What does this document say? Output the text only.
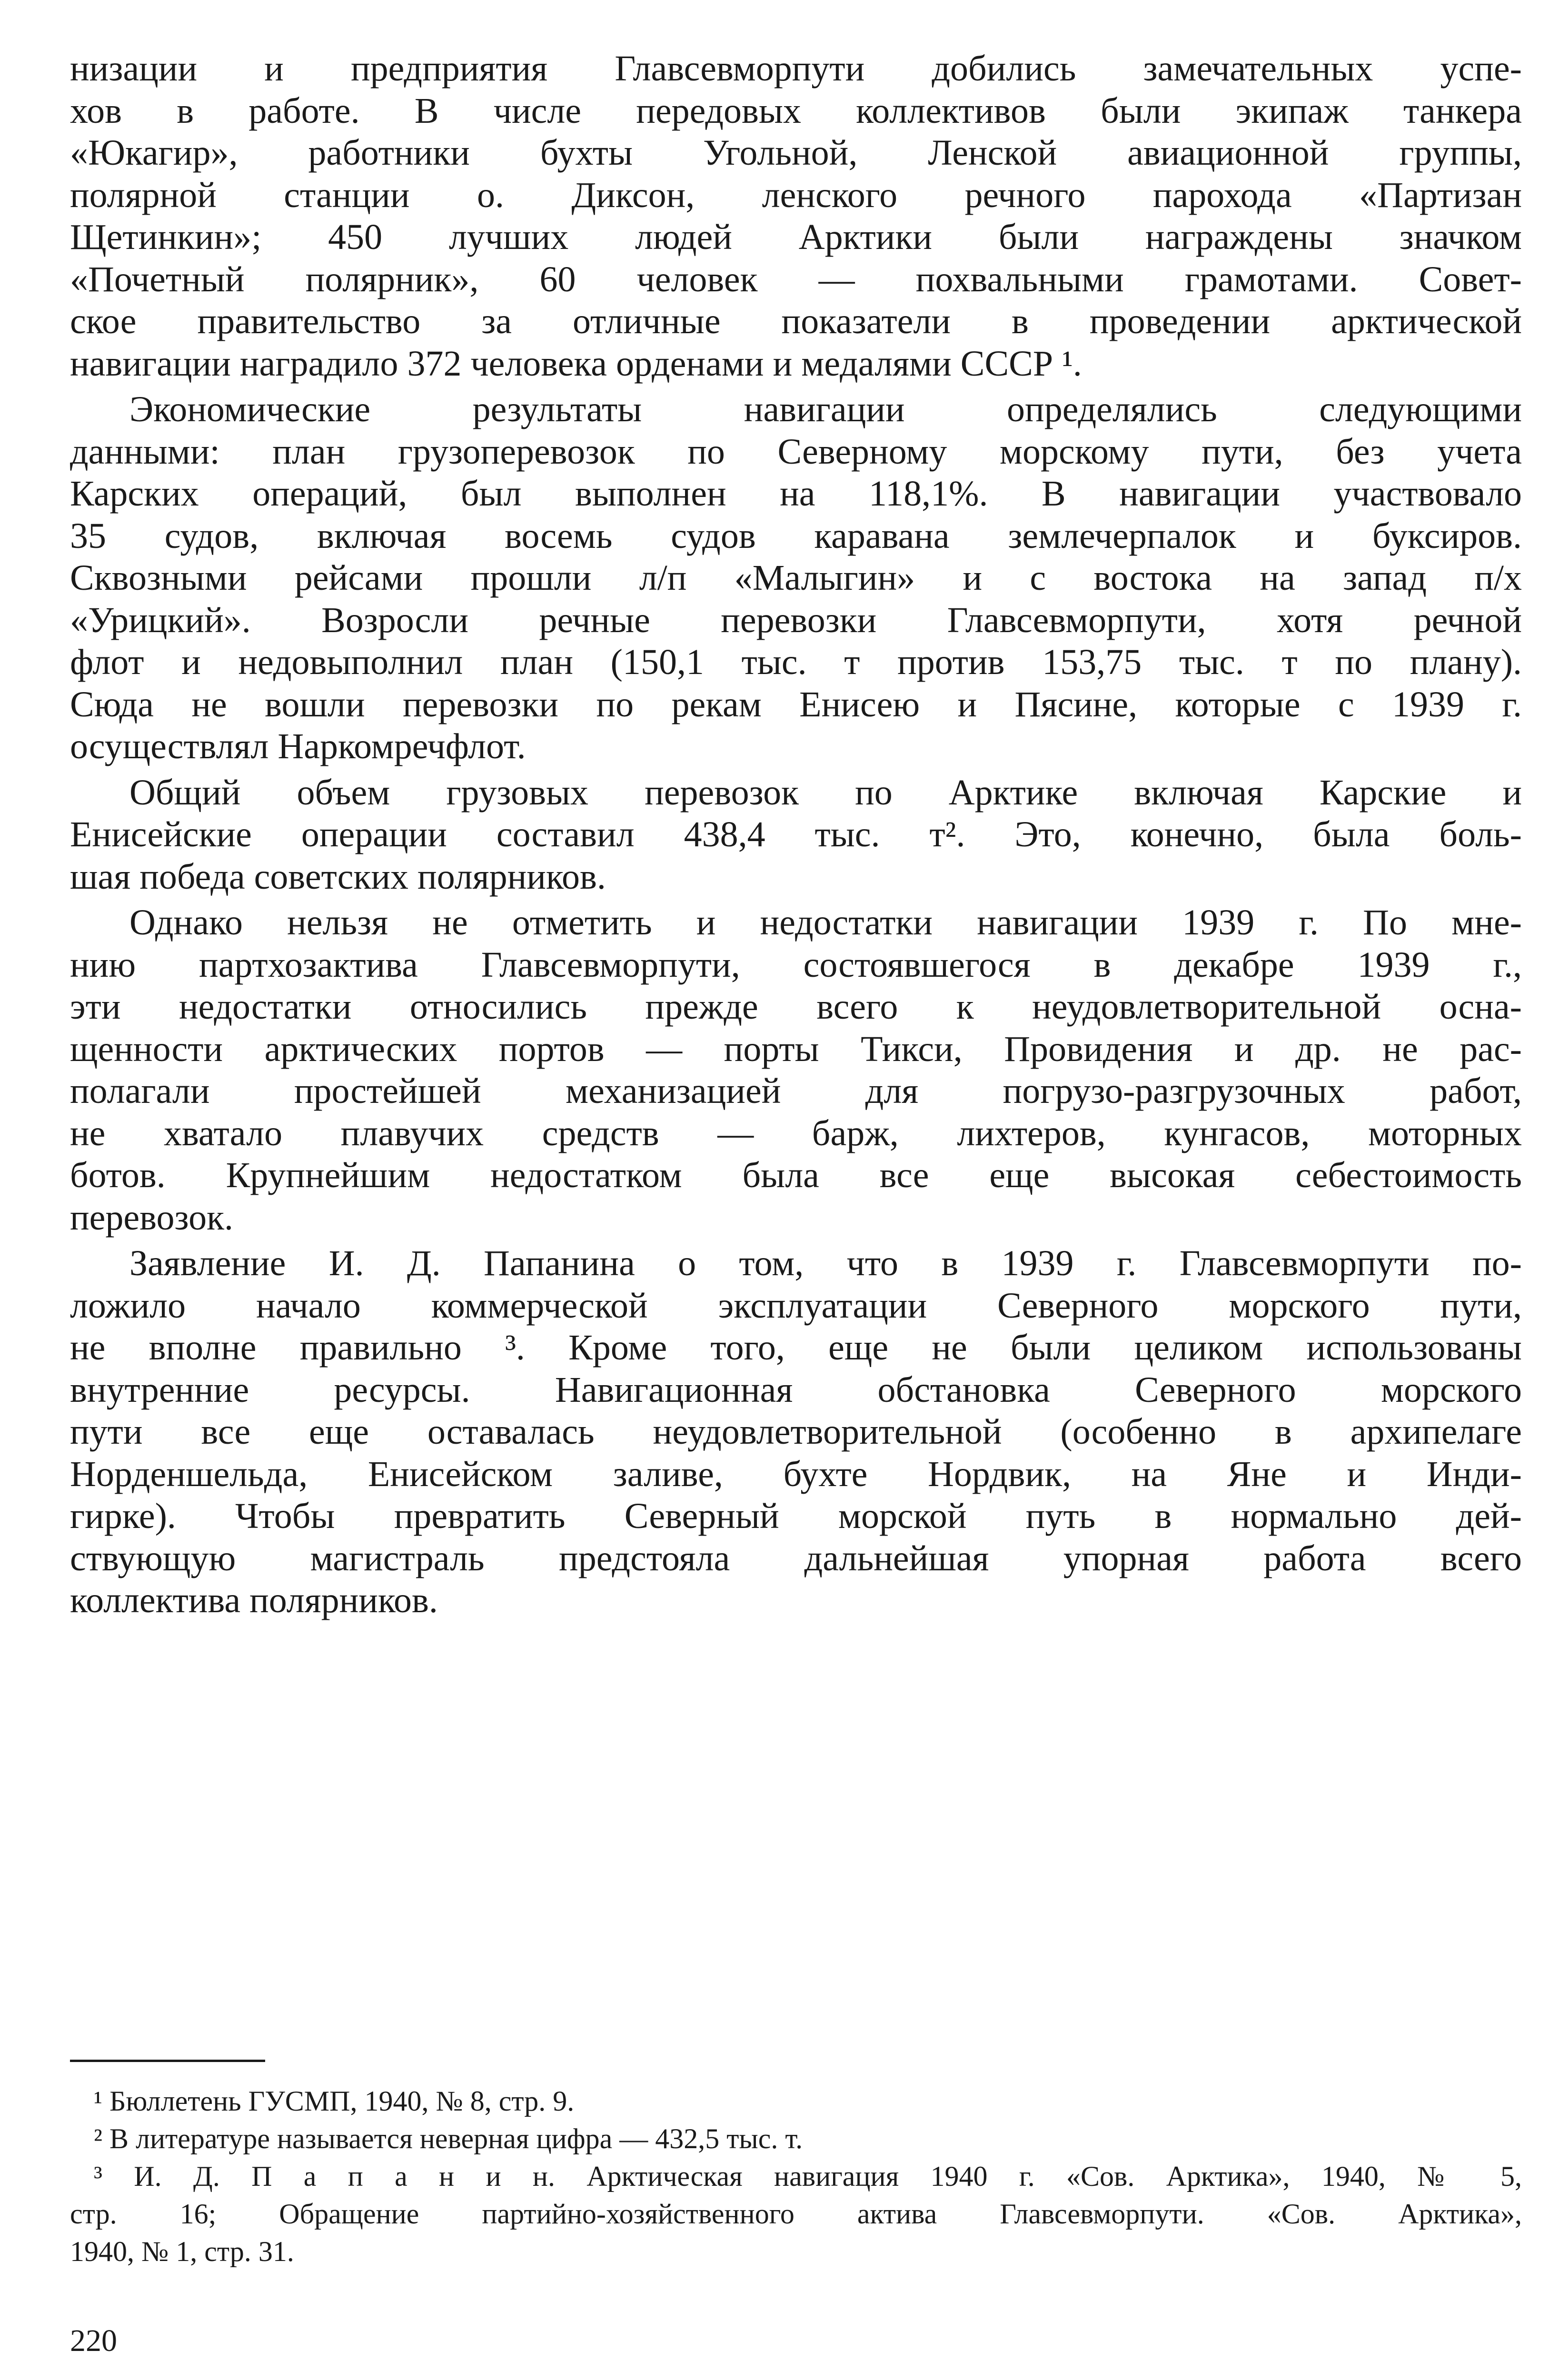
низации и предприятия Главсевморпути добились замечательных успе-
хов в работе. В числе передовых коллективов были экипаж танкера
«Юкагир», работники бухты Угольной, Ленской авиационной группы,
полярной станции о. Диксон, ленского речного парохода «Партизан
Щетинкин»; 450 лучших людей Арктики были награждены значком
«Почетный полярник», 60 человек — похвальными грамотами. Совет-
ское правительство за отличные показатели в проведении арктической
навигации наградило 372 человека орденами и медалями СССР ¹.
Экономические результаты навигации определялись следующими
данными: план грузоперевозок по Северному морскому пути, без учета
Карских операций, был выполнен на 118,1%. В навигации участвовало
35 судов, включая восемь судов каравана землечерпалок и буксиров.
Сквозными рейсами прошли л/п «Малыгин» и с востока на запад п/х
«Урицкий». Возросли речные перевозки Главсевморпути, хотя речной
флот и недовыполнил план (150,1 тыс. т против 153,75 тыс. т по плану).
Сюда не вошли перевозки по рекам Енисею и Пясине, которые с 1939 г.
осуществлял Наркомречфлот.
Общий объем грузовых перевозок по Арктике включая Карские и
Енисейские операции составил 438,4 тыс. т². Это, конечно, была боль-
шая победа советских полярников.
Однако нельзя не отметить и недостатки навигации 1939 г. По мне-
нию партхозактива Главсевморпути, состоявшегося в декабре 1939 г.,
эти недостатки относились прежде всего к неудовлетворительной осна-
щенности арктических портов — порты Тикси, Провидения и др. не рас-
полагали простейшей механизацией для погрузо-разгрузочных работ,
не хватало плавучих средств — барж, лихтеров, кунгасов, моторных
ботов. Крупнейшим недостатком была все еще высокая себестоимость
перевозок.
Заявление И. Д. Папанина о том, что в 1939 г. Главсевморпути по-
ложило начало коммерческой эксплуатации Северного морского пути,
не вполне правильно ³. Кроме того, еще не были целиком использованы
внутренние ресурсы. Навигационная обстановка Северного морского
пути все еще оставалась неудовлетворительной (особенно в архипелаге
Норденшельда, Енисейском заливе, бухте Нордвик, на Яне и Инди-
гирке). Чтобы превратить Северный морской путь в нормально дей-
ствующую магистраль предстояла дальнейшая упорная работа всего
коллектива полярников.
¹ Бюллетень ГУСМП, 1940, № 8, стр. 9.
² В литературе называется неверная цифра — 432,5 тыс. т.
³ И. Д. П а п а н и н. Арктическая навигация 1940 г. «Сов. Арктика», 1940, № 5,
стр. 16; Обращение партийно-хозяйственного актива Главсевморпути. «Сов. Арктика»,
1940, № 1, стр. 31.
220
